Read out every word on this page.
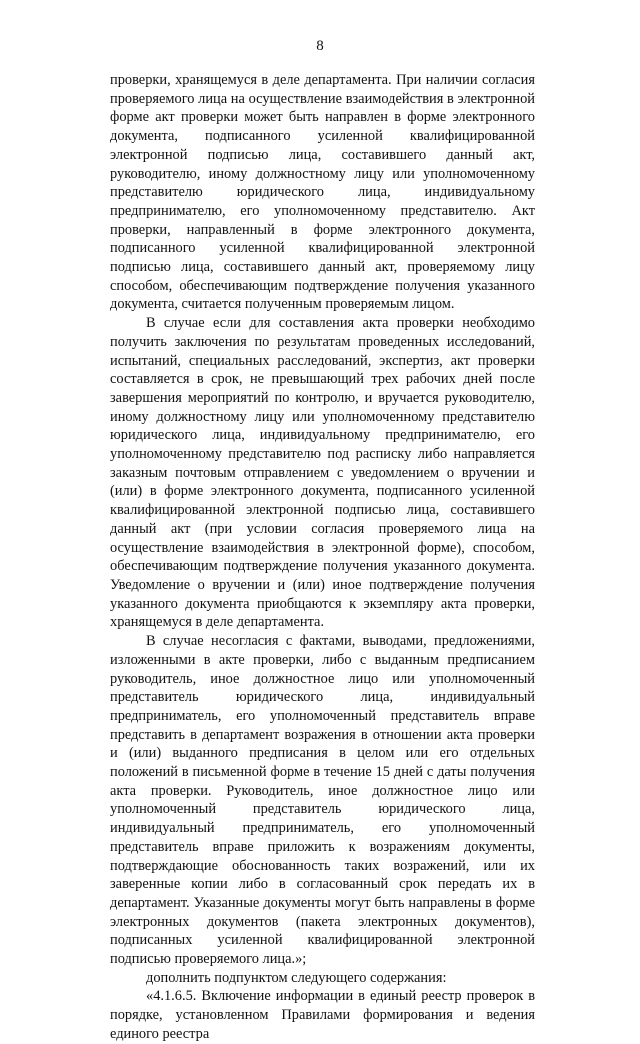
8

проверки, хранящемуся в деле департамента. При наличии согласия проверяемого лица на осуществление взаимодействия в электронной форме акт проверки может быть направлен в форме электронного документа, подписанного усиленной квалифицированной электронной подписью лица, составившего данный акт, руководителю, иному должностному лицу или уполномоченному представителю юридического лица, индивидуальному предпринимателю, его уполномоченному представителю. Акт проверки, направленный в форме электронного документа, подписанного усиленной квалифицированной электронной подписью лица, составившего данный акт, проверяемому лицу способом, обеспечивающим подтверждение получения указанного документа, считается полученным проверяемым лицом.

В случае если для составления акта проверки необходимо получить заключения по результатам проведенных исследований, испытаний, специальных расследований, экспертиз, акт проверки составляется в срок, не превышающий трех рабочих дней после завершения мероприятий по контролю, и вручается руководителю, иному должностному лицу или уполномоченному представителю юридического лица, индивидуальному предпринимателю, его уполномоченному представителю под расписку либо направляется заказным почтовым отправлением с уведомлением о вручении и (или) в форме электронного документа, подписанного усиленной квалифицированной электронной подписью лица, составившего данный акт (при условии согласия проверяемого лица на осуществление взаимодействия в электронной форме), способом, обеспечивающим подтверждение получения указанного документа. Уведомление о вручении и (или) иное подтверждение получения указанного документа приобщаются к экземпляру акта проверки, хранящемуся в деле департамента.

В случае несогласия с фактами, выводами, предложениями, изложенными в акте проверки, либо с выданным предписанием руководитель, иное должностное лицо или уполномоченный представитель юридического лица, индивидуальный предприниматель, его уполномоченный представитель вправе представить в департамент возражения в отношении акта проверки и (или) выданного предписания в целом или его отдельных положений в письменной форме в течение 15 дней с даты получения акта проверки. Руководитель, иное должностное лицо или уполномоченный представитель юридического лица, индивидуальный предприниматель, его уполномоченный представитель вправе приложить к возражениям документы, подтверждающие обоснованность таких возражений, или их заверенные копии либо в согласованный срок передать их в департамент. Указанные документы могут быть направлены в форме электронных документов (пакета электронных документов), подписанных усиленной квалифицированной электронной подписью проверяемого лица.»;

дополнить подпунктом следующего содержания:

«4.1.6.5. Включение информации в единый реестр проверок в порядке, установленном Правилами формирования и ведения единого реестра
